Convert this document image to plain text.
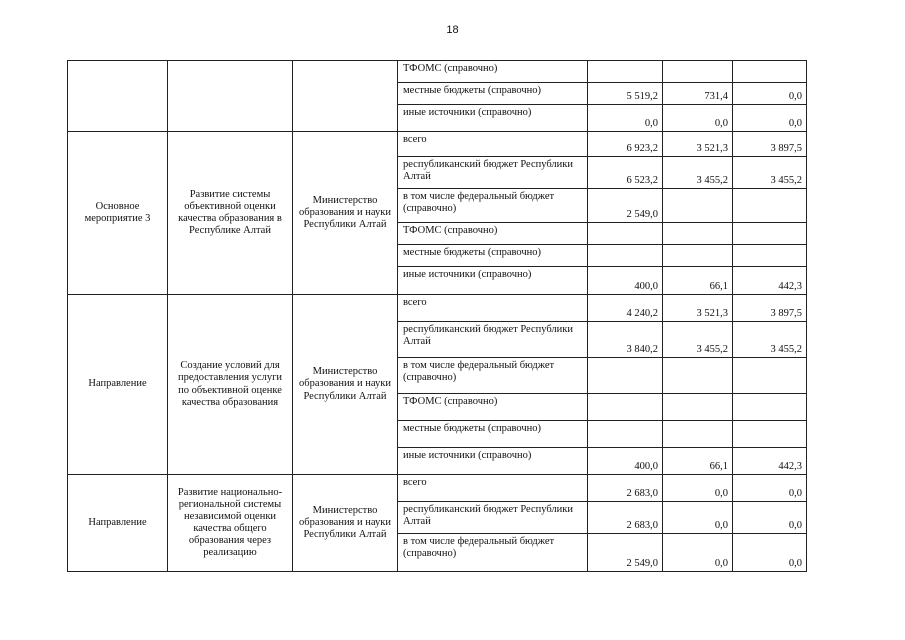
18
			ТФОМС (справочно)			
			местные бюджеты (справочно)	5 519,2	731,4	0,0
			иные источники (справочно)	0,0	0,0	0,0
Основное мероприятие 3	Развитие системы объективной оценки качества образования в Республике Алтай	Министерство образования и науки Республики Алтай	всего	6 923,2	3 521,3	3 897,5
			республиканский бюджет Республики Алтай	6 523,2	3 455,2	3 455,2
			в том числе федеральный бюджет (справочно)	2 549,0		
			ТФОМС (справочно)			
			местные бюджеты (справочно)			
			иные источники (справочно)	400,0	66,1	442,3
Направление	Создание условий для предоставления услуги по объективной оценке качества образования	Министерство образования и науки Республики Алтай	всего	4 240,2	3 521,3	3 897,5
			республиканский бюджет Республики Алтай	3 840,2	3 455,2	3 455,2
			в том числе федеральный бюджет (справочно)			
			ТФОМС (справочно)			
			местные бюджеты (справочно)			
			иные источники (справочно)	400,0	66,1	442,3
Направление	Развитие национально-региональной системы независимой оценки качества общего образования через реализацию	Министерство образования и науки Республики Алтай	всего	2 683,0	0,0	0,0
			республиканский бюджет Республики Алтай	2 683,0	0,0	0,0
			в том числе федеральный бюджет (справочно)	2 549,0	0,0	0,0
